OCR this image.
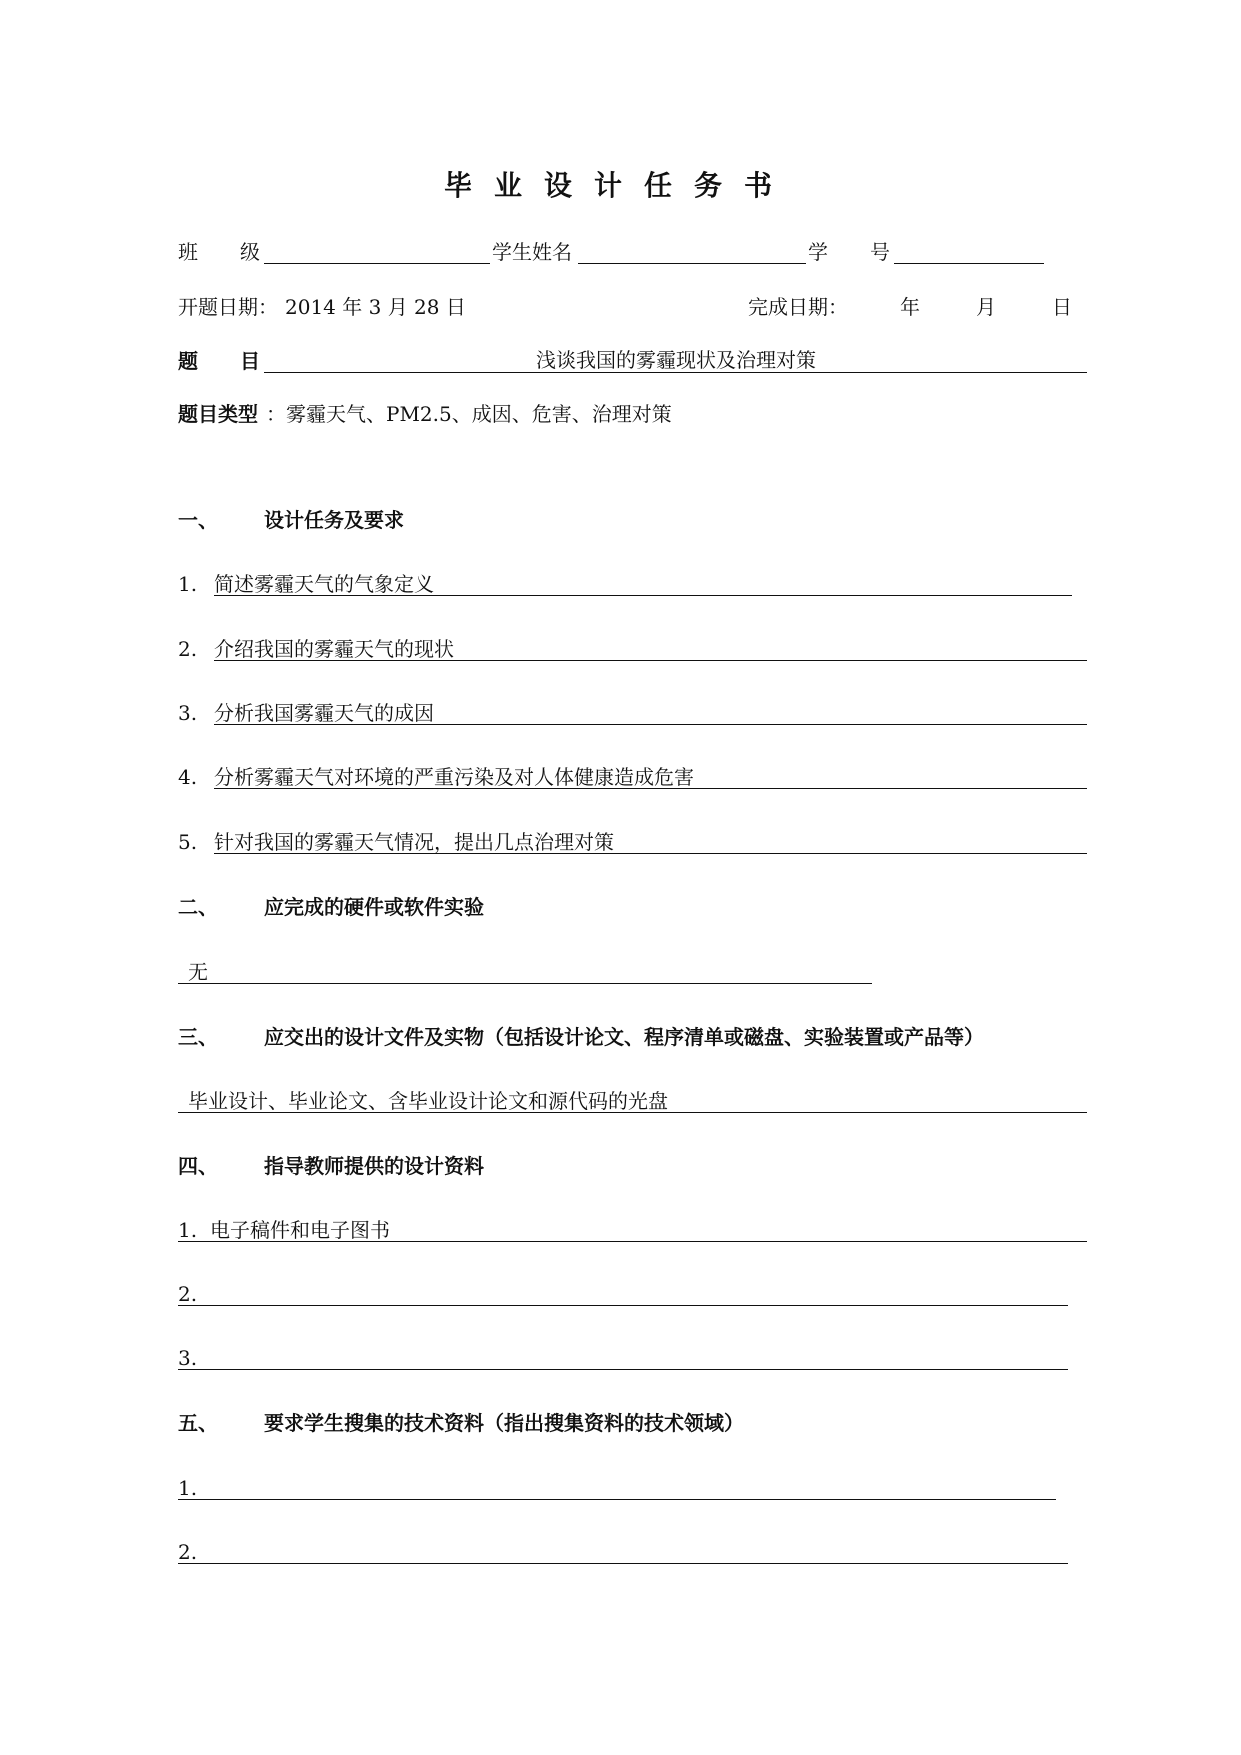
毕业设计任务书
班级	学生姓名	学号
开题日期： 2014 年 3 月 28 日	完成日期：	年	月	日
题目	浅谈我国的雾霾现状及治理对策
题目类型 ：雾霾天气、PM2.5、成因、危害、治理对策
一、 设计任务及要求
1. 简述雾霾天气的气象定义
2. 介绍我国的雾霾天气的现状
3. 分析我国雾霾天气的成因
4. 分析雾霾天气对环境的严重污染及对人体健康造成危害
5. 针对我国的雾霾天气情况，提出几点治理对策
二、 应完成的硬件或软件实验
无
三、 应交出的设计文件及实物（包括设计论文、程序清单或磁盘、实验装置或产品等）
毕业设计、毕业论文、含毕业设计论文和源代码的光盘
四、 指导教师提供的设计资料
1. 电子稿件和电子图书
2.
3.
五、 要求学生搜集的技术资料（指出搜集资料的技术领域）
1.
2.
